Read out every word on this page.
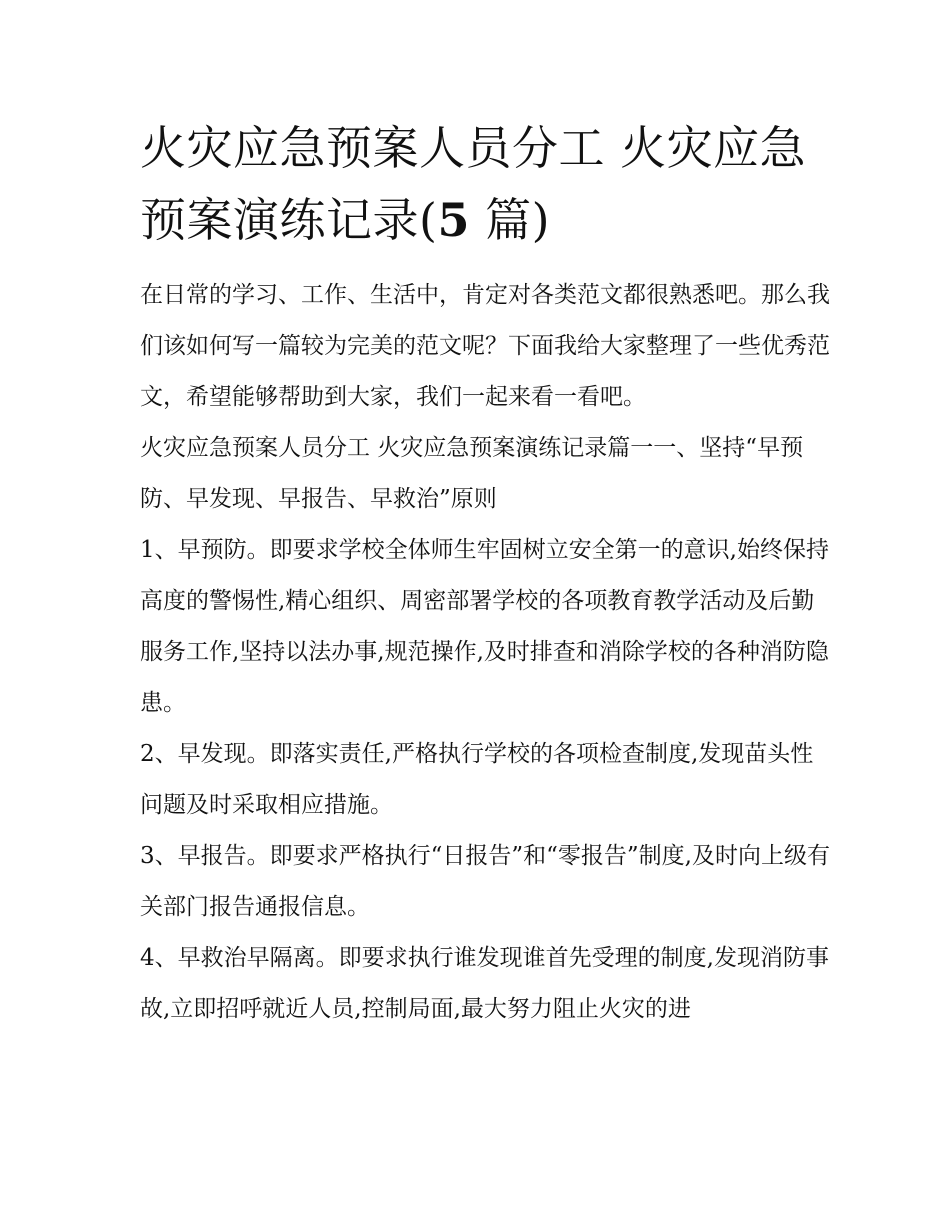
火灾应急预案人员分工 火灾应急预案演练记录(5 篇)

在日常的学习、工作、生活中，肯定对各类范文都很熟悉吧。那么我们该如何写一篇较为完美的范文呢？下面我给大家整理了一些优秀范文，希望能够帮助到大家，我们一起来看一看吧。

火灾应急预案人员分工 火灾应急预案演练记录篇一一、坚持“早预防、早发现、早报告、早救治”原则

1、早预防。即要求学校全体师生牢固树立安全第一的意识,始终保持高度的警惕性,精心组织、周密部署学校的各项教育教学活动及后勤服务工作,坚持以法办事,规范操作,及时排查和消除学校的各种消防隐患。

2、早发现。即落实责任,严格执行学校的各项检查制度,发现苗头性问题及时采取相应措施。

3、早报告。即要求严格执行“日报告”和“零报告”制度,及时向上级有关部门报告通报信息。

4、早救治早隔离。即要求执行谁发现谁首先受理的制度,发现消防事故,立即招呼就近人员,控制局面,最大努力阻止火灾的进
